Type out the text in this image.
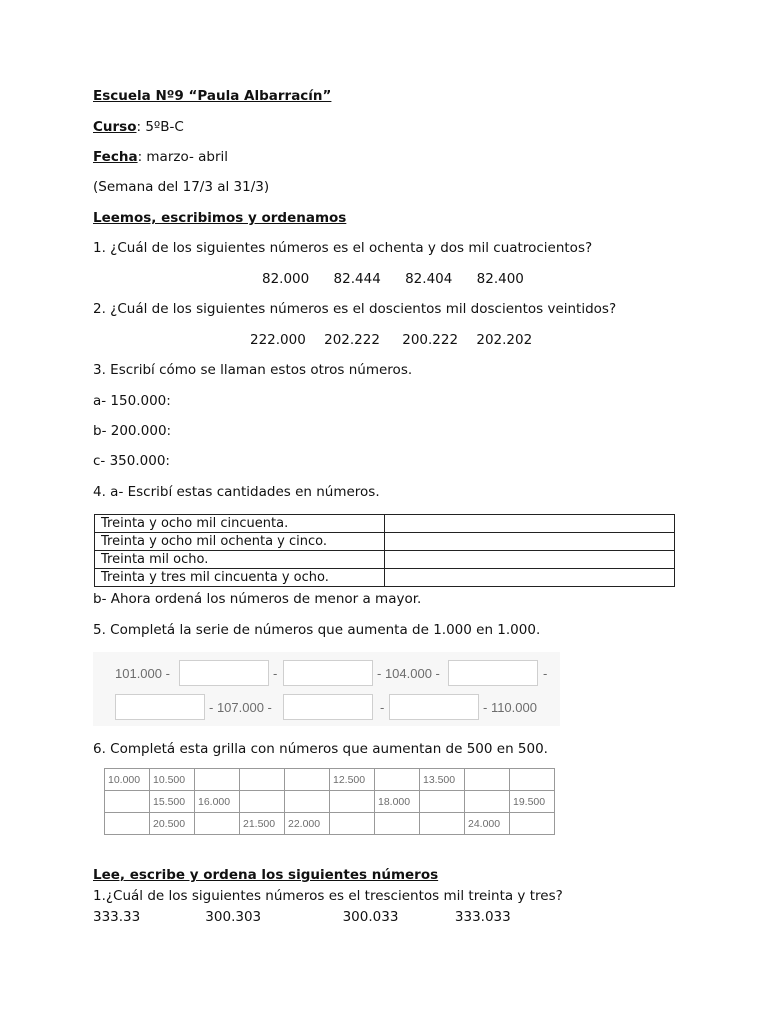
Escuela Nº9 “Paula Albarracín”
Curso: 5ºB-C
Fecha: marzo- abril
(Semana del 17/3 al 31/3)
Leemos, escribimos y ordenamos
1. ¿Cuál de los siguientes números es el ochenta y dos mil cuatrocientos?
82.000 82.444 82.404 82.400
2. ¿Cuál de los siguientes números es el doscientos mil doscientos veintidos?
222.000 202.222 200.222 202.202
3. Escribí cómo se llaman estos otros números.
a- 150.000:
b- 200.000:
c- 350.000:
4. a- Escribí estas cantidades en números.
Treinta y ocho mil cincuenta.	
Treinta y ocho mil ochenta y cinco.	
Treinta mil ocho.	
Treinta y tres mil cincuenta y ocho.	
b- Ahora ordená los números de menor a mayor.
5. Completá la serie de números que aumenta de 1.000 en 1.000.
101.000 -	-	- 104.000 -	-
- 107.000 -	-	- 110.000
6. Completá esta grilla con números que aumentan de 500 en 500.
10.000	10.500				12.500		13.500		
	15.500	16.000				18.000			19.500
	20.500		21.500	22.000				24.000	
Lee, escribe y ordena los siguientes números
1.¿Cuál de los siguientes números es el trescientos mil treinta y tres?
333.33	300.303	300.033	333.033
